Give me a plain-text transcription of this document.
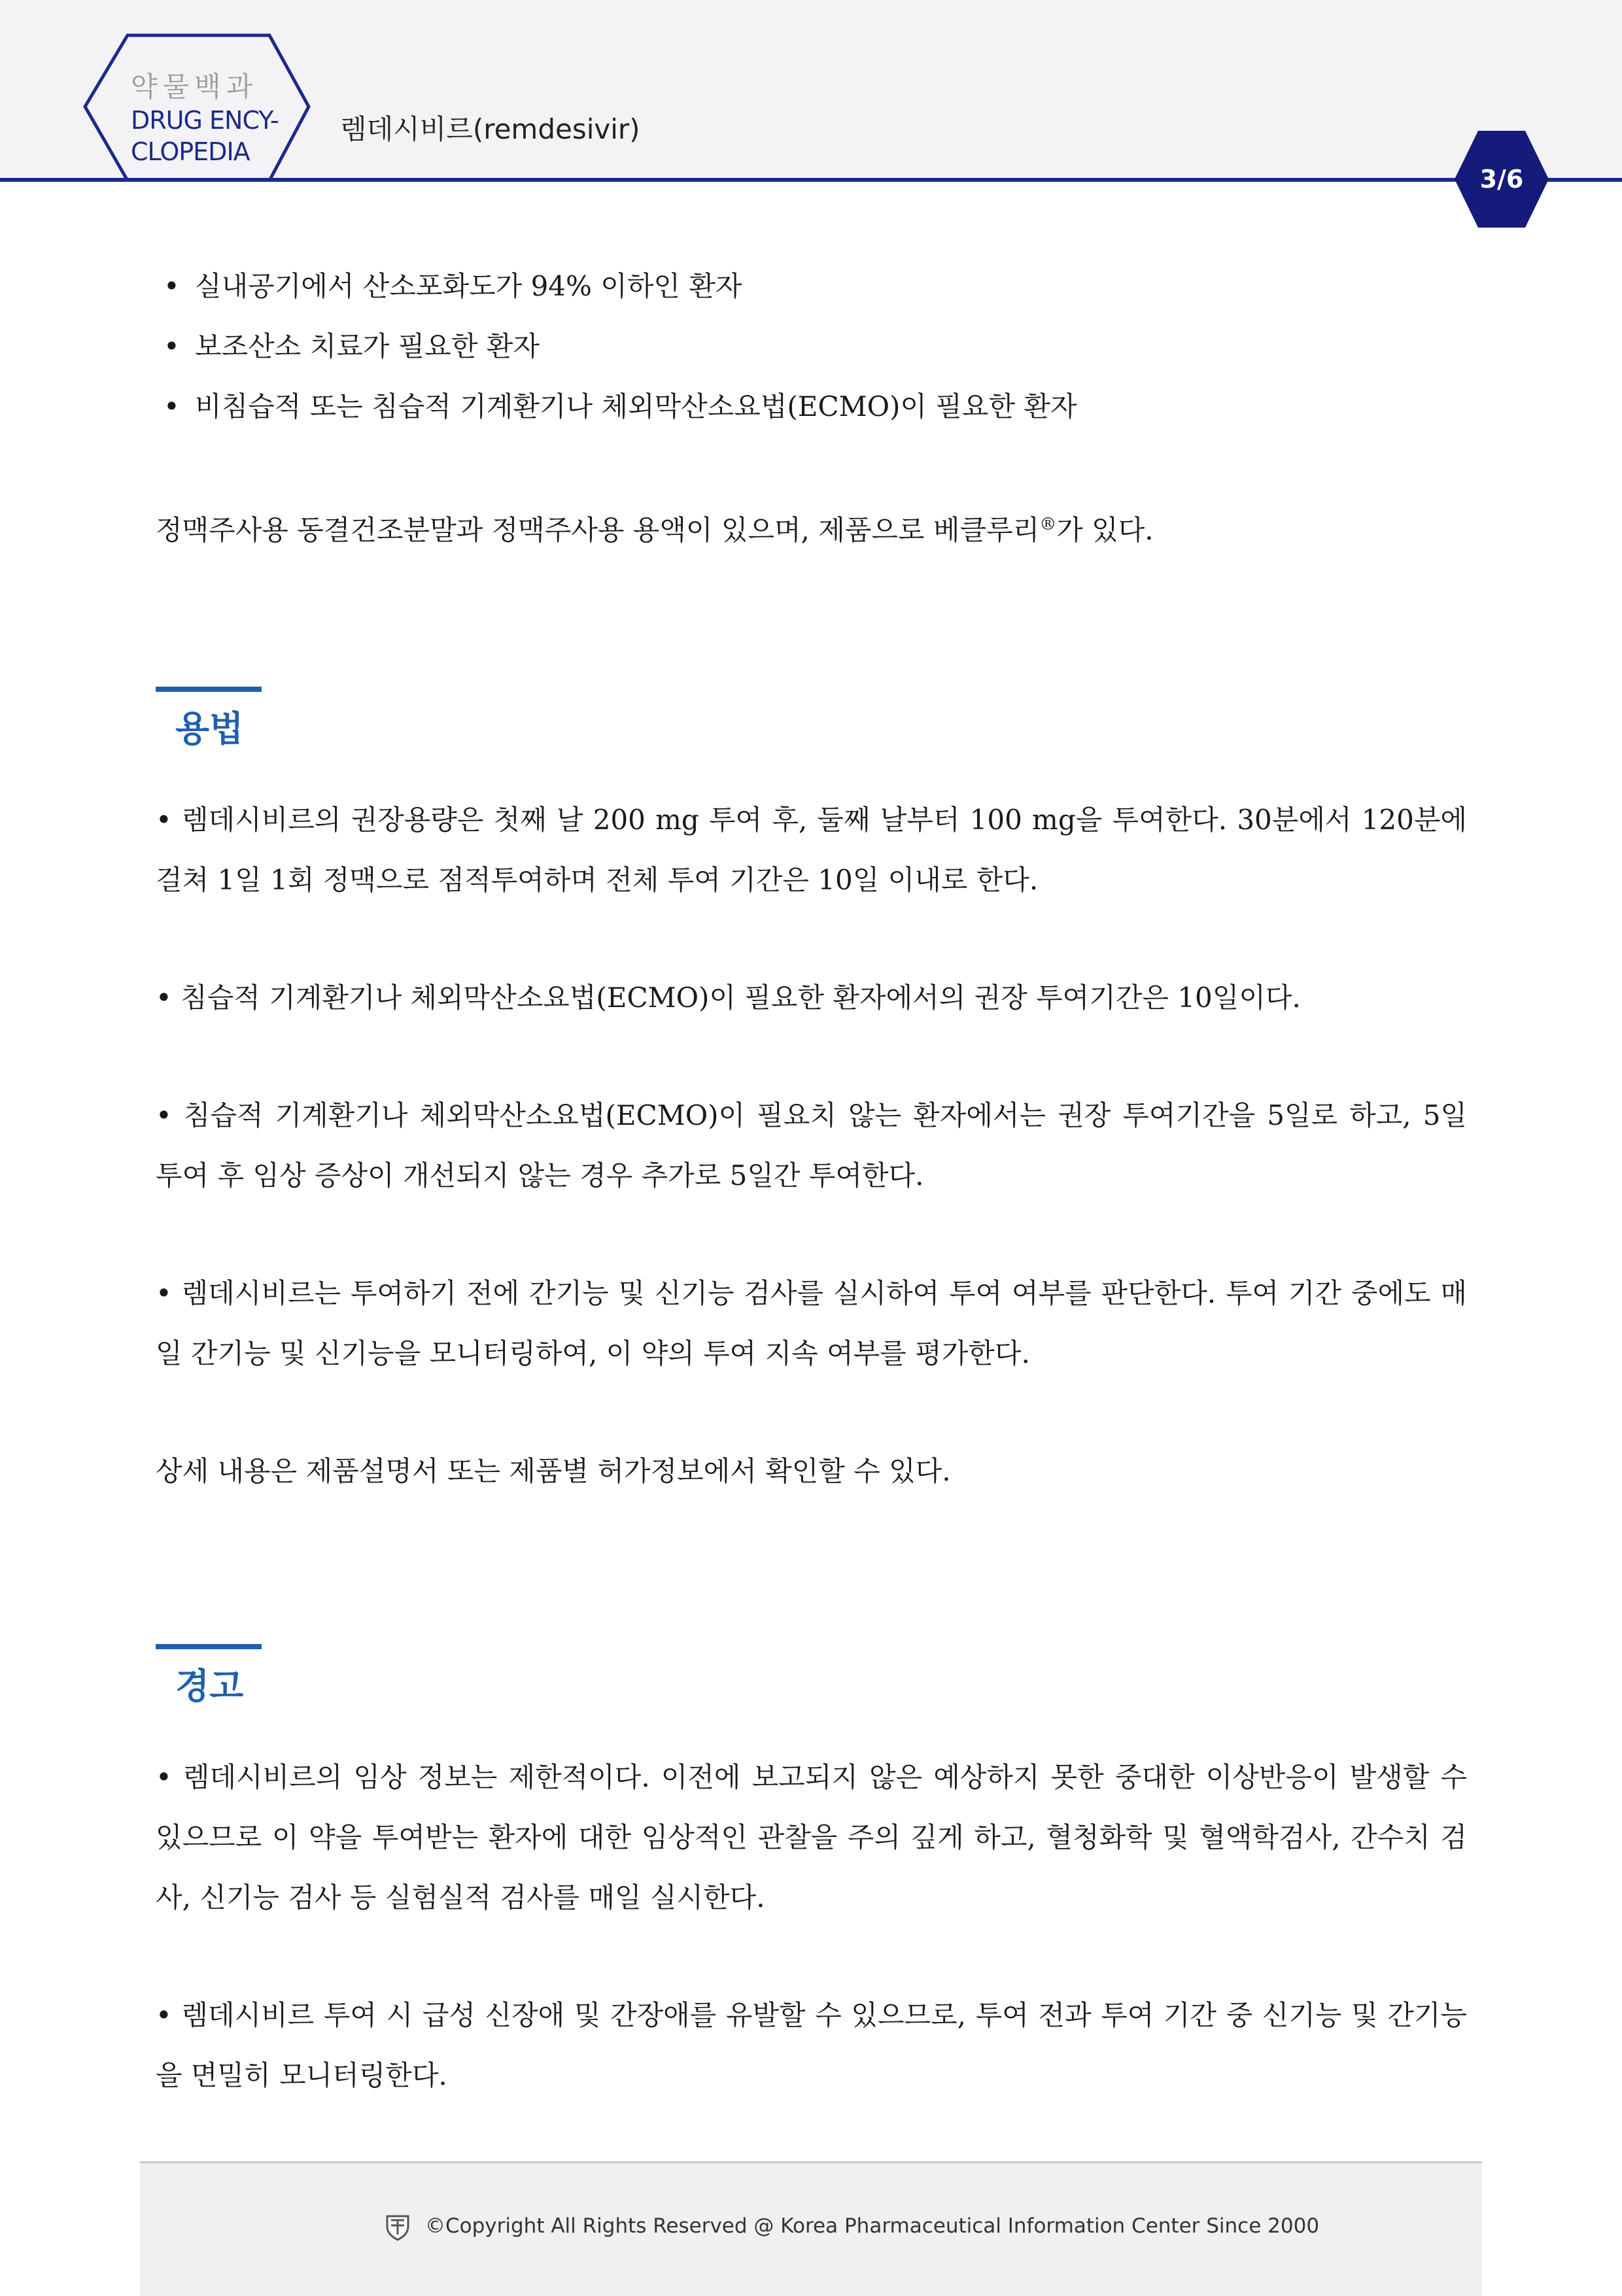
약물백과
DRUG ENCY-
CLOPEDIA
렘데시비르(remdesivir)
3/6
• 실내공기에서 산소포화도가 94% 이하인 환자
• 보조산소 치료가 필요한 환자
• 비침습적 또는 침습적 기계환기나 체외막산소요법(ECMO)이 필요한 환자

정맥주사용 동결건조분말과 정맥주사용 용액이 있으며, 제품으로 베클루리®가 있다.

용법

• 렘데시비르의 권장용량은 첫째 날 200 mg 투여 후, 둘째 날부터 100 mg을 투여한다. 30분에서 120분에 걸쳐 1일 1회 정맥으로 점적투여하며 전체 투여 기간은 10일 이내로 한다.

• 침습적 기계환기나 체외막산소요법(ECMO)이 필요한 환자에서의 권장 투여기간은 10일이다.

• 침습적 기계환기나 체외막산소요법(ECMO)이 필요치 않는 환자에서는 권장 투여기간을 5일로 하고, 5일 투여 후 임상 증상이 개선되지 않는 경우 추가로 5일간 투여한다.

• 렘데시비르는 투여하기 전에 간기능 및 신기능 검사를 실시하여 투여 여부를 판단한다. 투여 기간 중에도 매일 간기능 및 신기능을 모니터링하여, 이 약의 투여 지속 여부를 평가한다.

상세 내용은 제품설명서 또는 제품별 허가정보에서 확인할 수 있다.

경고

• 렘데시비르의 임상 정보는 제한적이다. 이전에 보고되지 않은 예상하지 못한 중대한 이상반응이 발생할 수 있으므로 이 약을 투여받는 환자에 대한 임상적인 관찰을 주의 깊게 하고, 혈청화학 및 혈액학검사, 간수치 검사, 신기능 검사 등 실험실적 검사를 매일 실시한다.

• 렘데시비르 투여 시 급성 신장애 및 간장애를 유발할 수 있으므로, 투여 전과 투여 기간 중 신기능 및 간기능을 면밀히 모니터링한다.

©Copyright All Rights Reserved @ Korea Pharmaceutical Information Center Since 2000
